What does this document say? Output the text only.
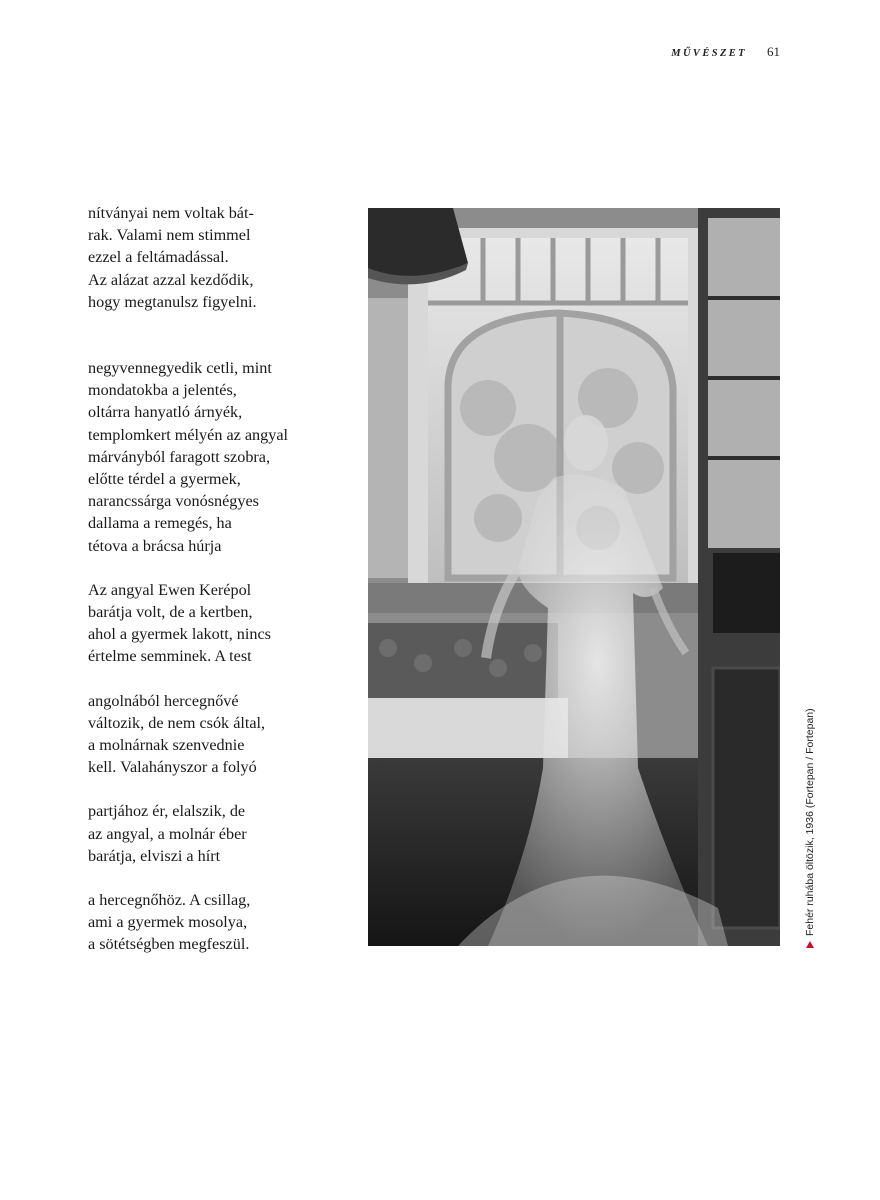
MŰVÉSZET 61

nítványai nem voltak bát-
rak. Valami nem stimmel
ezzel a feltámadással.
Az alázat azzal kezdődik,
hogy megtanulsz figyelni.

negyvennegyedik cetli, mint
mondatokba a jelentés,
oltárra hanyatló árnyék,
templomkert mélyén az angyal
márványból faragott szobra,
előtte térdel a gyermek,
narancssárga vonósnégyes
dallama a remegés, ha
tétova a brácsa húrja

Az angyal Ewen Kerépol
barátja volt, de a kertben,
ahol a gyermek lakott, nincs
értelme semminek. A test

angolnából hercegnővé
változik, de nem csók által,
a molnárnak szenvednie
kell. Valahányszor a folyó

partjához ér, elalszik, de
az angyal, a molnár éber
barátja, elviszi a hírt

a hercegnőhöz. A csillag,
ami a gyermek mosolya,
a sötétségben megfeszül.

Fehér ruhába öltözik, 1936 (Fortepan / Fortepan)
